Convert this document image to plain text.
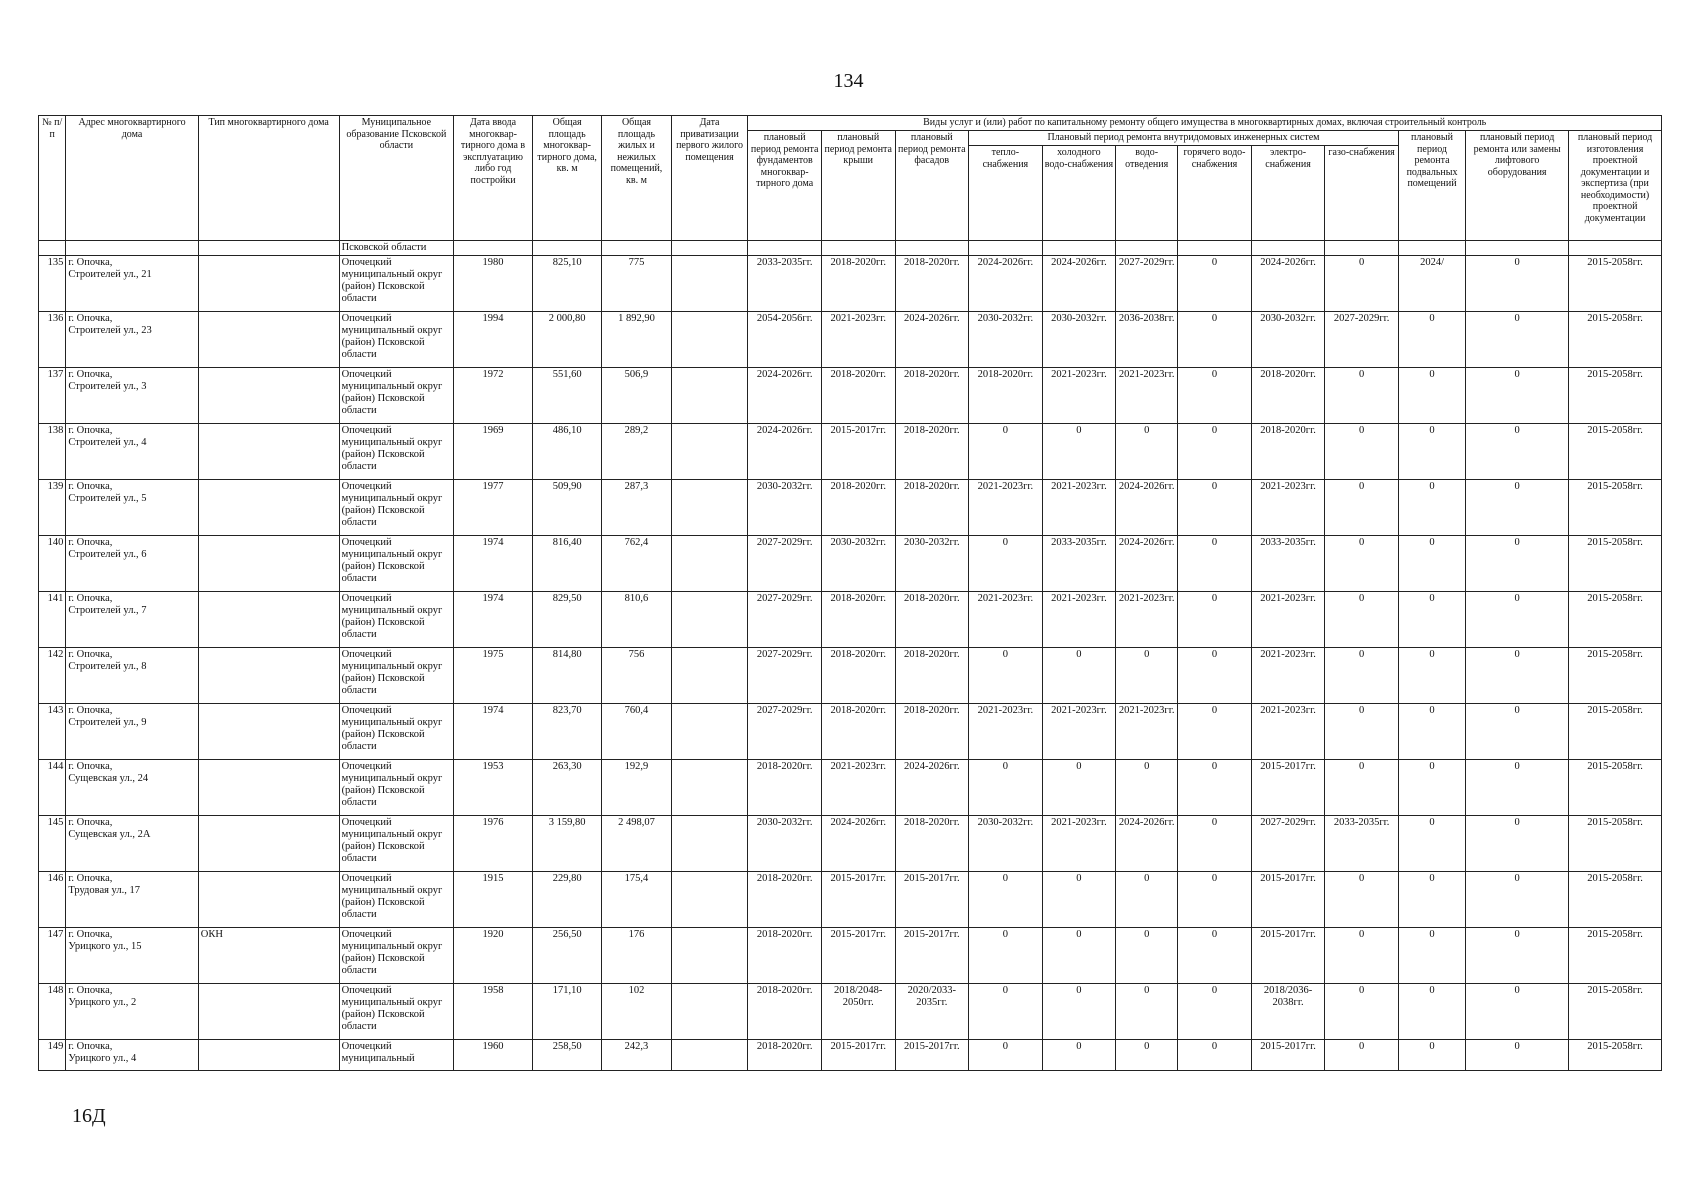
134
№ п/п	Адрес многоквартирного дома	Тип многоквартирного дома	Муниципальное образование Псковской области	Дата ввода многоквар-тирного дома в эксплуатацию либо год постройки	Общая площадь многоквар-тирного дома, кв. м	Общая площадь жилых и нежилых помещений, кв. м	Дата приватизации первого жилого помещения	Виды услуг и (или) работ по капитальному ремонту общего имущества в многоквартирных домах, включая строительный контроль											
								плановый период ремонта фундаментов многоквар-тирного дома	плановый период ремонта крыши	плановый период ремонта фасадов	Плановый период ремонта внутридомовых инженерных систем						плановый период ремонта подвальных помещений	плановый период ремонта или замены лифтового оборудования	плановый период изготовления проектной документации и экспертиза (при необходимости) проектной документации
											тепло-снабжения	холодного водо-снабжения	водо-отведения	горячего водо-снабжения	электро-снабжения	газо-снабжения			
			Псковской области																
135	г. Опочка,
Строителей ул., 21		Опочецкий муниципальный округ (район) Псковской области	1980	825,10	775		2033-2035гг.	2018-2020гг.	2018-2020гг.	2024-2026гг.	2024-2026гг.	2027-2029гг.	0	2024-2026гг.	0	2024/	0	2015-2058гг.
136	г. Опочка,
Строителей ул., 23		Опочецкий муниципальный округ (район) Псковской области	1994	2 000,80	1 892,90		2054-2056гг.	2021-2023гг.	2024-2026гг.	2030-2032гг.	2030-2032гг.	2036-2038гг.	0	2030-2032гг.	2027-2029гг.	0	0	2015-2058гг.
137	г. Опочка,
Строителей ул., 3		Опочецкий муниципальный округ (район) Псковской области	1972	551,60	506,9		2024-2026гг.	2018-2020гг.	2018-2020гг.	2018-2020гг.	2021-2023гг.	2021-2023гг.	0	2018-2020гг.	0	0	0	2015-2058гг.
138	г. Опочка,
Строителей ул., 4		Опочецкий муниципальный округ (район) Псковской области	1969	486,10	289,2		2024-2026гг.	2015-2017гг.	2018-2020гг.	0	0	0	0	2018-2020гг.	0	0	0	2015-2058гг.
139	г. Опочка,
Строителей ул., 5		Опочецкий муниципальный округ (район) Псковской области	1977	509,90	287,3		2030-2032гг.	2018-2020гг.	2018-2020гг.	2021-2023гг.	2021-2023гг.	2024-2026гг.	0	2021-2023гг.	0	0	0	2015-2058гг.
140	г. Опочка,
Строителей ул., 6		Опочецкий муниципальный округ (район) Псковской области	1974	816,40	762,4		2027-2029гг.	2030-2032гг.	2030-2032гг.	0	2033-2035гг.	2024-2026гг.	0	2033-2035гг.	0	0	0	2015-2058гг.
141	г. Опочка,
Строителей ул., 7		Опочецкий муниципальный округ (район) Псковской области	1974	829,50	810,6		2027-2029гг.	2018-2020гг.	2018-2020гг.	2021-2023гг.	2021-2023гг.	2021-2023гг.	0	2021-2023гг.	0	0	0	2015-2058гг.
142	г. Опочка,
Строителей ул., 8		Опочецкий муниципальный округ (район) Псковской области	1975	814,80	756		2027-2029гг.	2018-2020гг.	2018-2020гг.	0	0	0	0	2021-2023гг.	0	0	0	2015-2058гг.
143	г. Опочка,
Строителей ул., 9		Опочецкий муниципальный округ (район) Псковской области	1974	823,70	760,4		2027-2029гг.	2018-2020гг.	2018-2020гг.	2021-2023гг.	2021-2023гг.	2021-2023гг.	0	2021-2023гг.	0	0	0	2015-2058гг.
144	г. Опочка,
Сущевская ул., 24		Опочецкий муниципальный округ (район) Псковской области	1953	263,30	192,9		2018-2020гг.	2021-2023гг.	2024-2026гг.	0	0	0	0	2015-2017гг.	0	0	0	2015-2058гг.
145	г. Опочка,
Сущевская ул., 2А		Опочецкий муниципальный округ (район) Псковской области	1976	3 159,80	2 498,07		2030-2032гг.	2024-2026гг.	2018-2020гг.	2030-2032гг.	2021-2023гг.	2024-2026гг.	0	2027-2029гг.	2033-2035гг.	0	0	2015-2058гг.
146	г. Опочка,
Трудовая ул., 17		Опочецкий муниципальный округ (район) Псковской области	1915	229,80	175,4		2018-2020гг.	2015-2017гг.	2015-2017гг.	0	0	0	0	2015-2017гг.	0	0	0	2015-2058гг.
147	г. Опочка,
Урицкого ул., 15	ОКН	Опочецкий муниципальный округ (район) Псковской области	1920	256,50	176		2018-2020гг.	2015-2017гг.	2015-2017гг.	0	0	0	0	2015-2017гг.	0	0	0	2015-2058гг.
148	г. Опочка,
Урицкого ул., 2		Опочецкий муниципальный округ (район) Псковской области	1958	171,10	102		2018-2020гг.	2018/2048-2050гг.	2020/2033-2035гг.	0	0	0	0	2018/2036-2038гг.	0	0	0	2015-2058гг.
149	г. Опочка,
Урицкого ул., 4		Опочецкий муниципальный	1960	258,50	242,3		2018-2020гг.	2015-2017гг.	2015-2017гг.	0	0	0	0	2015-2017гг.	0	0	0	2015-2058гг.
16Д
